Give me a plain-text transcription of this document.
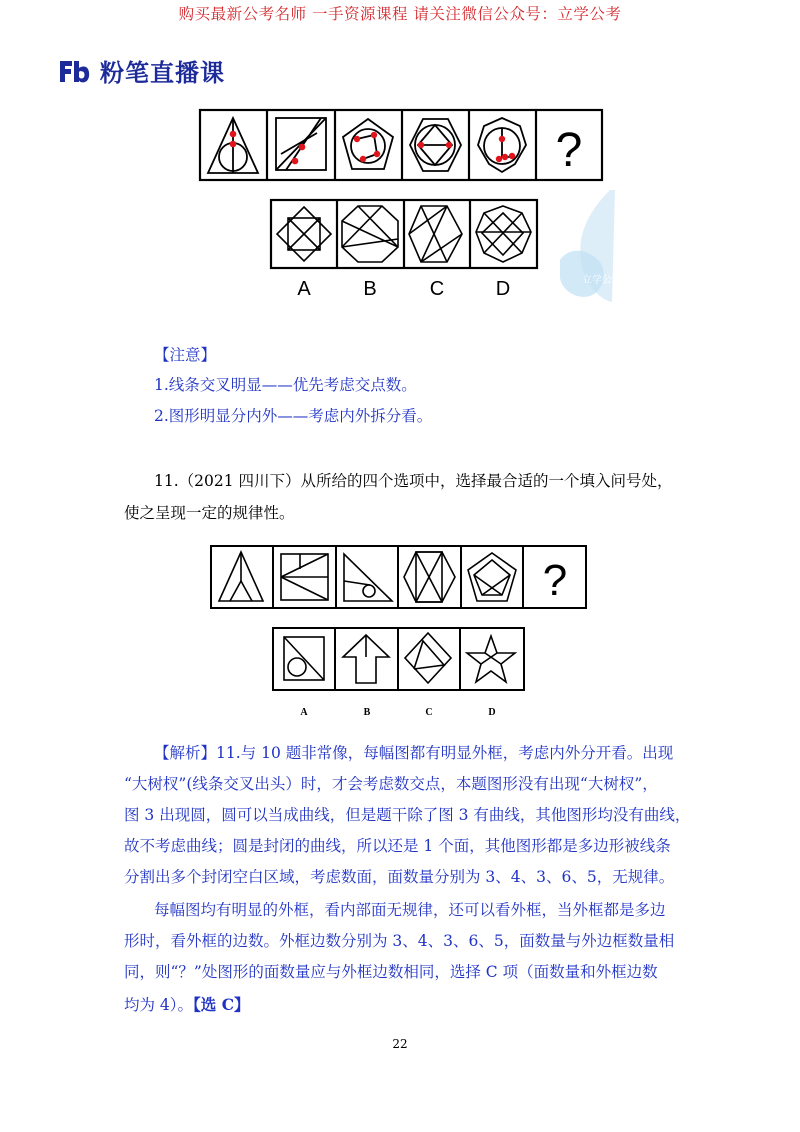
购买最新公考名师 一手资源课程 请关注微信公众号：立学公考
粉笔直播课
?
立学公考
A	B	C	D
【注意】
1.线条交叉明显——优先考虑交点数。
2.图形明显分内外——考虑内外拆分看。
11.（2021 四川下）从所给的四个选项中，选择最合适的一个填入问号处，
使之呈现一定的规律性。
?
A	B	C	D
【解析】11.与 10 题非常像，每幅图都有明显外框，考虑内外分开看。出现
“大树杈”(线条交叉出头）时，才会考虑数交点，本题图形没有出现“大树杈”，
图 3 出现圆，圆可以当成曲线，但是题干除了图 3 有曲线，其他图形均没有曲线，
故不考虑曲线；圆是封闭的曲线，所以还是 1 个面，其他图形都是多边形被线条
分割出多个封闭空白区域，考虑数面，面数量分别为 3、4、3、6、5，无规律。
每幅图均有明显的外框，看内部面无规律，还可以看外框，当外框都是多边
形时，看外框的边数。外框边数分别为 3、4、3、6、5，面数量与外边框数量相
同，则“？”处图形的面数量应与外框边数相同，选择 C 项（面数量和外框边数
均为 4）。【选 C】
22
